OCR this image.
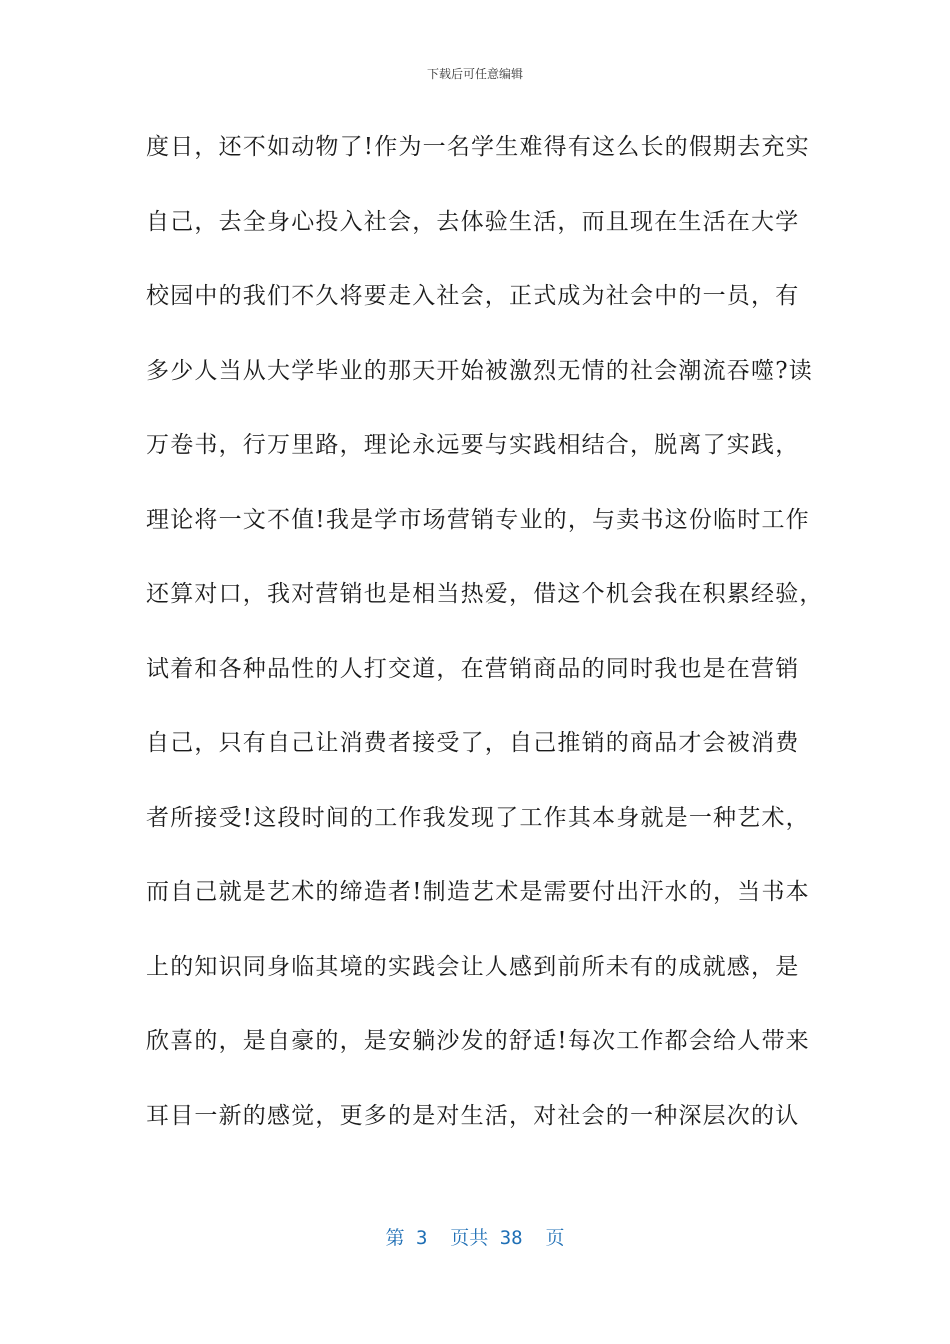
下载后可任意编辑
度日，还不如动物了!作为一名学生难得有这么长的假期去充实
自己，去全身心投入社会，去体验生活，而且现在生活在大学
校园中的我们不久将要走入社会，正式成为社会中的一员，有
多少人当从大学毕业的那天开始被激烈无情的社会潮流吞噬?读
万卷书，行万里路，理论永远要与实践相结合，脱离了实践，
理论将一文不值!我是学市场营销专业的，与卖书这份临时工作
还算对口，我对营销也是相当热爱，借这个机会我在积累经验，
试着和各种品性的人打交道，在营销商品的同时我也是在营销
自己，只有自己让消费者接受了，自己推销的商品才会被消费
者所接受!这段时间的工作我发现了工作其本身就是一种艺术，
而自己就是艺术的缔造者!制造艺术是需要付出汗水的，当书本
上的知识同身临其境的实践会让人感到前所未有的成就感，是
欣喜的，是自豪的，是安躺沙发的舒适!每次工作都会给人带来
耳目一新的感觉，更多的是对生活，对社会的一种深层次的认
第 3  页共 38  页
